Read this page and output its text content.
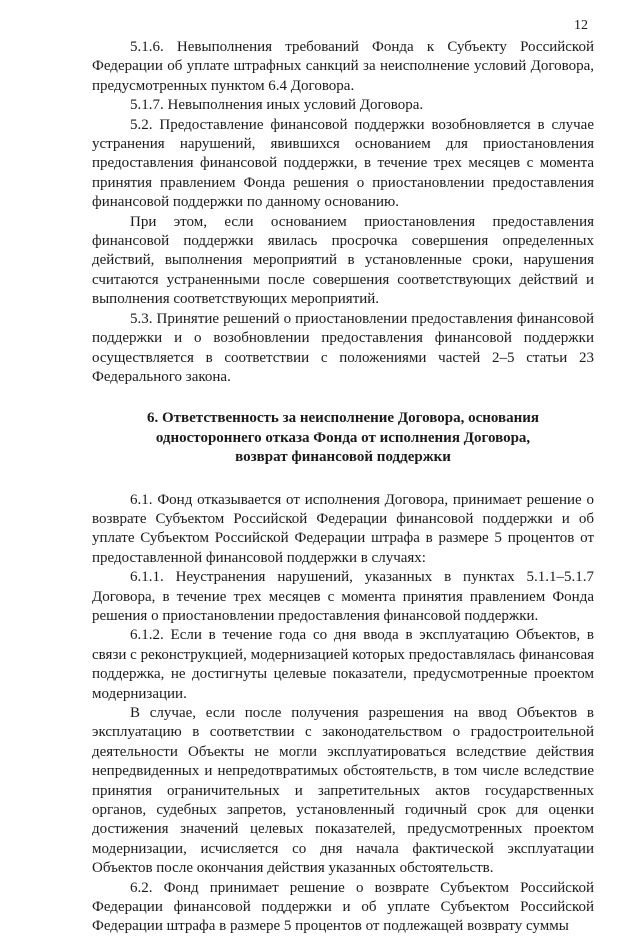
12

5.1.6. Невыполнения требований Фонда к Субъекту Российской Федерации об уплате штрафных санкций за неисполнение условий Договора, предусмотренных пунктом 6.4 Договора.

5.1.7. Невыполнения иных условий Договора.

5.2. Предоставление финансовой поддержки возобновляется в случае устранения нарушений, явившихся основанием для приостановления предоставления финансовой поддержки, в течение трех месяцев с момента принятия правлением Фонда решения о приостановлении предоставления финансовой поддержки по данному основанию.

При этом, если основанием приостановления предоставления финансовой поддержки явилась просрочка совершения определенных действий, выполнения мероприятий в установленные сроки, нарушения считаются устраненными после совершения соответствующих действий и выполнения соответствующих мероприятий.

5.3. Принятие решений о приостановлении предоставления финансовой поддержки и о возобновлении предоставления финансовой поддержки осуществляется в соответствии с положениями частей 2–5 статьи 23 Федерального закона.

6. Ответственность за неисполнение Договора, основания
одностороннего отказа Фонда от исполнения Договора,
возврат финансовой поддержки

6.1. Фонд отказывается от исполнения Договора, принимает решение о возврате Субъектом Российской Федерации финансовой поддержки и об уплате Субъектом Российской Федерации штрафа в размере 5 процентов от предоставленной финансовой поддержки в случаях:

6.1.1. Неустранения нарушений, указанных в пунктах 5.1.1–5.1.7 Договора, в течение трех месяцев с момента принятия правлением Фонда решения о приостановлении предоставления финансовой поддержки.

6.1.2. Если в течение года со дня ввода в эксплуатацию Объектов, в связи с реконструкцией, модернизацией которых предоставлялась финансовая поддержка, не достигнуты целевые показатели, предусмотренные проектом модернизации.

В случае, если после получения разрешения на ввод Объектов в эксплуатацию в соответствии с законодательством о градостроительной деятельности Объекты не могли эксплуатироваться вследствие действия непредвиденных и непредотвратимых обстоятельств, в том числе вследствие принятия ограничительных и запретительных актов государственных органов, судебных запретов, установленный годичный срок для оценки достижения значений целевых показателей, предусмотренных проектом модернизации, исчисляется со дня начала фактической эксплуатации Объектов после окончания действия указанных обстоятельств.

6.2. Фонд принимает решение о возврате Субъектом Российской Федерации финансовой поддержки и об уплате Субъектом Российской Федерации штрафа в размере 5 процентов от подлежащей возврату суммы
